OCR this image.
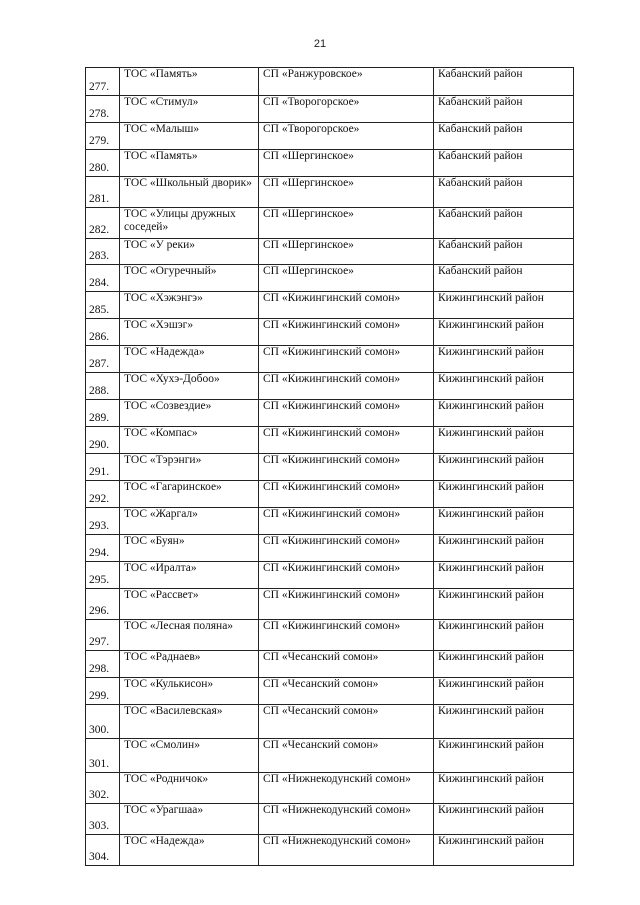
21
277.	ТОС «Память»	СП «Ранжуровское»	Кабанский район
278.	ТОС «Стимул»	СП «Творогорское»	Кабанский район
279.	ТОС «Малыш»	СП «Творогорское»	Кабанский район
280.	ТОС «Память»	СП «Шергинское»	Кабанский район
281.	ТОС «Школьный дворик»	СП «Шергинское»	Кабанский район
282.	ТОС «Улицы дружных соседей»	СП «Шергинское»	Кабанский район
283.	ТОС «У реки»	СП «Шергинское»	Кабанский район
284.	ТОС «Огуречный»	СП «Шергинское»	Кабанский район
285.	ТОС «Хэжэнгэ»	СП «Кижингинский сомон»	Кижингинский район
286.	ТОС «Хэшэг»	СП «Кижингинский сомон»	Кижингинский район
287.	ТОС «Надежда»	СП «Кижингинский сомон»	Кижингинский район
288.	ТОС «Хухэ-Добоо»	СП «Кижингинский сомон»	Кижингинский район
289.	ТОС «Созвездие»	СП «Кижингинский сомон»	Кижингинский район
290.	ТОС «Компас»	СП «Кижингинский сомон»	Кижингинский район
291.	ТОС «Тэрэнги»	СП «Кижингинский сомон»	Кижингинский район
292.	ТОС «Гагаринское»	СП «Кижингинский сомон»	Кижингинский район
293.	ТОС «Жаргал»	СП «Кижингинский сомон»	Кижингинский район
294.	ТОС «Буян»	СП «Кижингинский сомон»	Кижингинский район
295.	ТОС «Иралта»	СП «Кижингинский сомон»	Кижингинский район
296.	ТОС «Рассвет»	СП «Кижингинский сомон»	Кижингинский район
297.	ТОС «Лесная поляна»	СП «Кижингинский сомон»	Кижингинский район
298.	ТОС «Раднаев»	СП «Чесанский сомон»	Кижингинский район
299.	ТОС «Кулькисон»	СП «Чесанский сомон»	Кижингинский район
300.	ТОС «Василевская»	СП «Чесанский сомон»	Кижингинский район
301.	ТОС «Смолин»	СП «Чесанский сомон»	Кижингинский район
302.	ТОС «Родничок»	СП «Нижнекодунский сомон»	Кижингинский район
303.	ТОС «Урагшаа»	СП «Нижнекодунский сомон»	Кижингинский район
304.	ТОС «Надежда»	СП «Нижнекодунский сомон»	Кижингинский район
